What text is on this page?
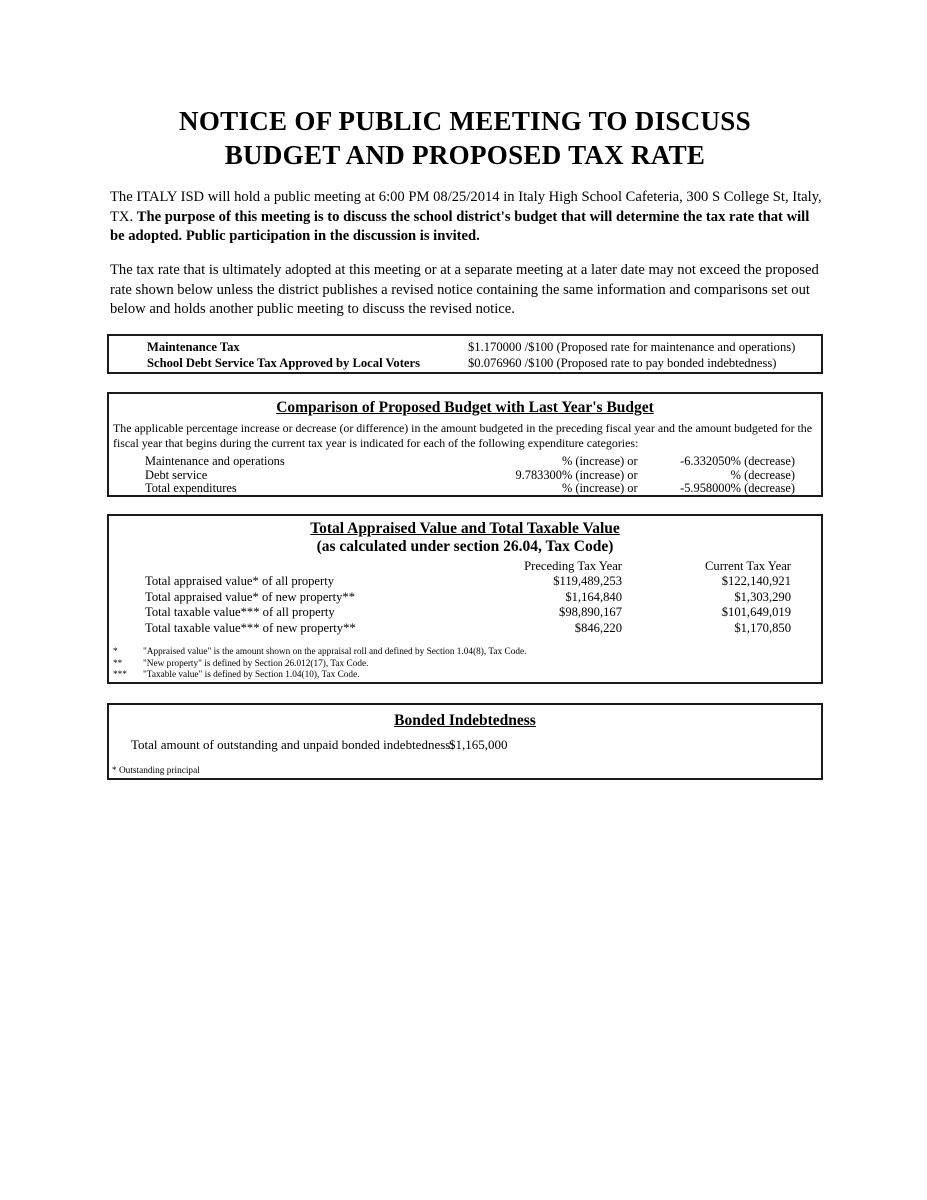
NOTICE OF PUBLIC MEETING TO DISCUSS
BUDGET AND PROPOSED TAX RATE
The ITALY ISD will hold a public meeting at 6:00 PM 08/25/2014 in Italy High School Cafeteria, 300 S College St, Italy, TX. The purpose of this meeting is to discuss the school district's budget that will determine the tax rate that will be adopted. Public participation in the discussion is invited.
The tax rate that is ultimately adopted at this meeting or at a separate meeting at a later date may not exceed the proposed rate shown below unless the district publishes a revised notice containing the same information and comparisons set out below and holds another public meeting to discuss the revised notice.
Maintenance Tax	$1.170000 /$100 (Proposed rate for maintenance and operations)
School Debt Service Tax Approved by Local Voters	$0.076960 /$100 (Proposed rate to pay bonded indebtedness)
Comparison of Proposed Budget with Last Year's Budget
The applicable percentage increase or decrease (or difference) in the amount budgeted in the preceding fiscal year and the amount budgeted for the fiscal year that begins during the current tax year is indicated for each of the following expenditure categories:
Maintenance and operations	% (increase) or	-6.332050% (decrease)
Debt service	9.783300% (increase) or	% (decrease)
Total expenditures	% (increase) or	-5.958000% (decrease)
Total Appraised Value and Total Taxable Value
(as calculated under section 26.04, Tax Code)
	Preceding Tax Year	Current Tax Year
Total appraised value* of all property	$119,489,253	$122,140,921
Total appraised value* of new property**	$1,164,840	$1,303,290
Total taxable value*** of all property	$98,890,167	$101,649,019
Total taxable value*** of new property**	$846,220	$1,170,850
*	"Appraised value" is the amount shown on the appraisal roll and defined by Section 1.04(8), Tax Code.
** "New property" is defined by Section 26.012(17), Tax Code.
*** "Taxable value" is defined by Section 1.04(10), Tax Code.
Bonded Indebtedness
Total amount of outstanding and unpaid bonded indebtedness:
$1,165,000
* Outstanding principal
